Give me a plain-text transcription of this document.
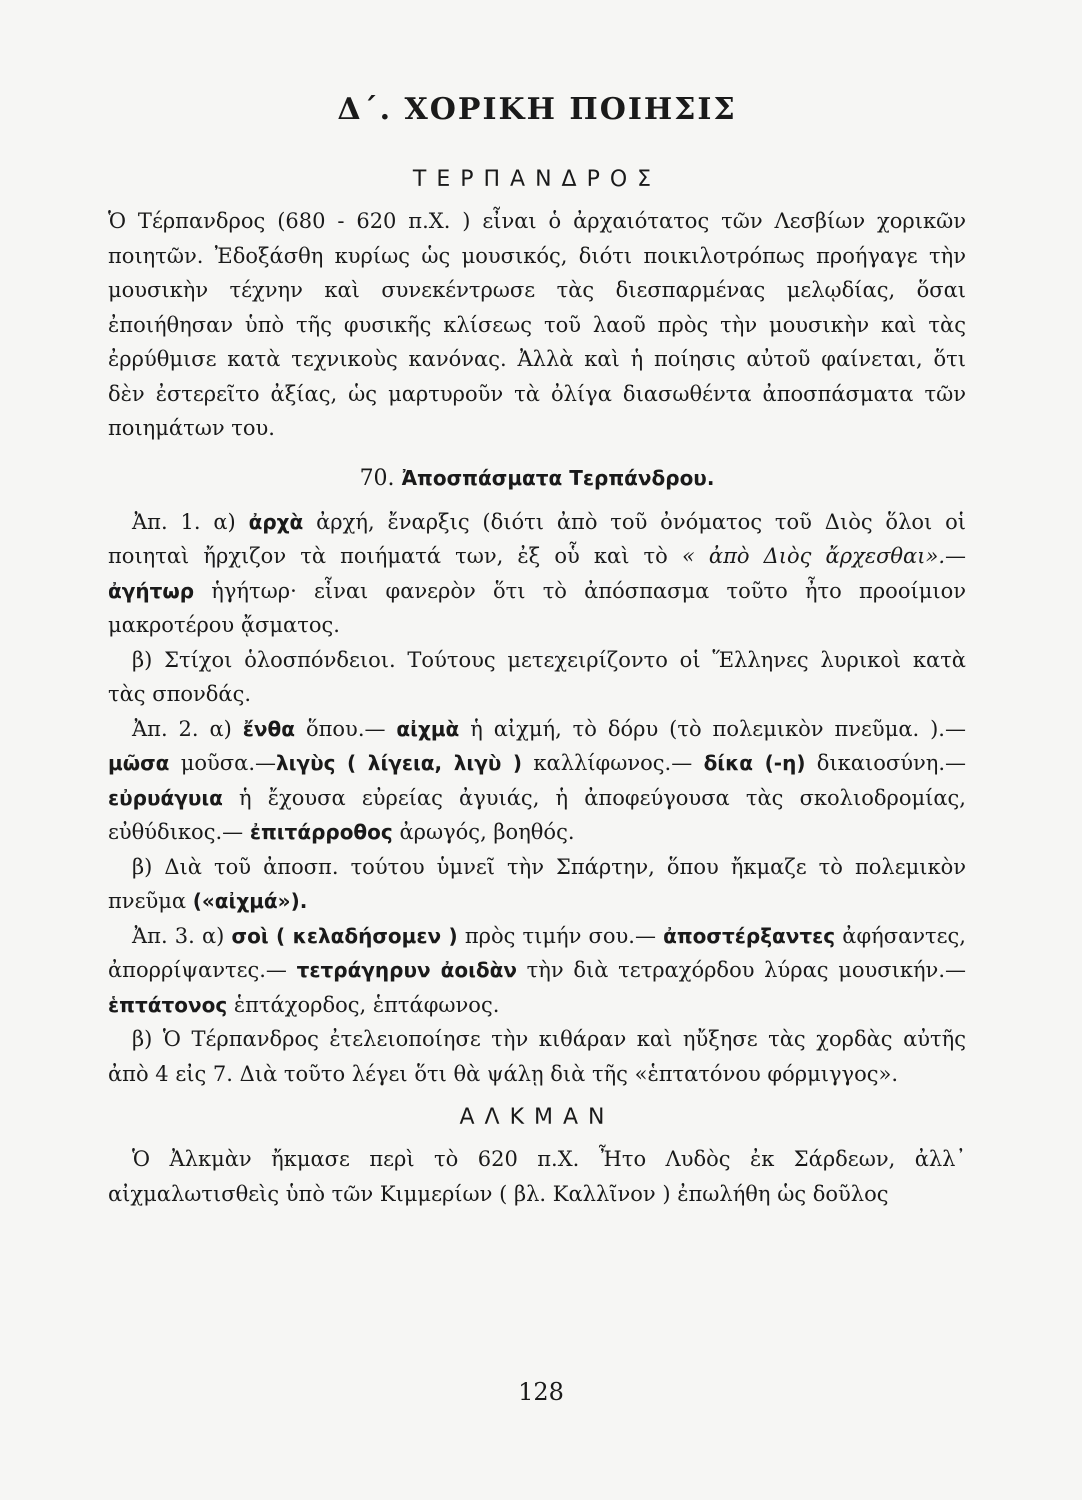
Δ΄. ΧΟΡΙΚΗ ΠΟΙΗΣΙΣ
ΤΕΡΠΑΝΔΡΟΣ

Ὁ Τέρπανδρος (680 - 620 π.Χ. ) εἶναι ὁ ἀρχαιότατος τῶν Λεσβίων χορικῶν ποιητῶν. Ἐδοξάσθη κυρίως ὡς μουσικός, διότι ποικιλοτρόπως προήγαγε τὴν μουσικὴν τέχνην καὶ συνεκέντρωσε τὰς διεσπαρμένας μελῳδίας, ὅσαι ἐποιήθησαν ὑπὸ τῆς φυσικῆς κλίσεως τοῦ λαοῦ πρὸς τὴν μουσικὴν καὶ τὰς ἐρρύθμισε κατὰ τεχνικοὺς κανόνας. Ἀλλὰ καὶ ἡ ποίησις αὐτοῦ φαίνεται, ὅτι δὲν ἐστερεῖτο ἀξίας, ὡς μαρτυροῦν τὰ ὀλίγα διασωθέντα ἀποσπάσματα τῶν ποιημάτων του.

70. Ἀποσπάσματα Τερπάνδρου.

Ἀπ. 1. α) ἀρχὰ ἀρχή, ἔναρξις (διότι ἀπὸ τοῦ ὀνόματος τοῦ Διὸς ὅλοι οἱ ποιηταὶ ἤρχιζον τὰ ποιήματά των, ἐξ οὗ καὶ τὸ « ἀπὸ Διὸς ἄρχεσθαι».— ἀγήτωρ ἡγήτωρ· εἶναι φανερὸν ὅτι τὸ ἀπόσπασμα τοῦτο ἦτο προοίμιον μακροτέρου ᾄσματος.

β) Στίχοι ὁλοσπόνδειοι. Τούτους μετεχειρίζοντο οἱ Ἕλληνες λυρικοὶ κατὰ τὰς σπονδάς.

Ἀπ. 2. α) ἔνθα ὅπου.— αἰχμὰ ἡ αἰχμή, τὸ δόρυ (τὸ πολεμικὸν πνεῦμα. ).—μῶσα μοῦσα.—λιγὺς ( λίγεια, λιγὺ ) καλλίφωνος.— δίκα (-η) δικαιοσύνη.— εὐρυάγυια ἡ ἔχουσα εὐρείας ἀγυιάς, ἡ ἀποφεύγουσα τὰς σκολιοδρομίας, εὐθύδικος.— ἐπιτάρροθος ἀρωγός, βοηθός.

β) Διὰ τοῦ ἀποσπ. τούτου ὑμνεῖ τὴν Σπάρτην, ὅπου ἤκμαζε τὸ πολεμικὸν πνεῦμα («αἰχμά»).

Ἀπ. 3. α) σοὶ ( κελαδήσομεν ) πρὸς τιμήν σου.— ἀποστέρξαντες ἀφήσαντες, ἀπορρίψαντες.— τετράγηρυν ἀοιδὰν τὴν διὰ τετραχόρδου λύρας μουσικήν.— ἑπτάτονος ἑπτάχορδος, ἑπτάφωνος.

β) Ὁ Τέρπανδρος ἐτελειοποίησε τὴν κιθάραν καὶ ηὔξησε τὰς χορδὰς αὐτῆς ἀπὸ 4 εἰς 7. Διὰ τοῦτο λέγει ὅτι θὰ ψάλῃ διὰ τῆς «ἑπτατόνου φόρμιγγος».

ΑΛΚΜΑΝ

Ὁ Ἀλκμὰν ἤκμασε περὶ τὸ 620 π.Χ. Ἦτο Λυδὸς ἐκ Σάρδεων, ἀλλ᾽ αἰχμαλωτισθεὶς ὑπὸ τῶν Κιμμερίων ( βλ. Καλλῖνον ) ἐπωλήθη ὡς δοῦλος

128
